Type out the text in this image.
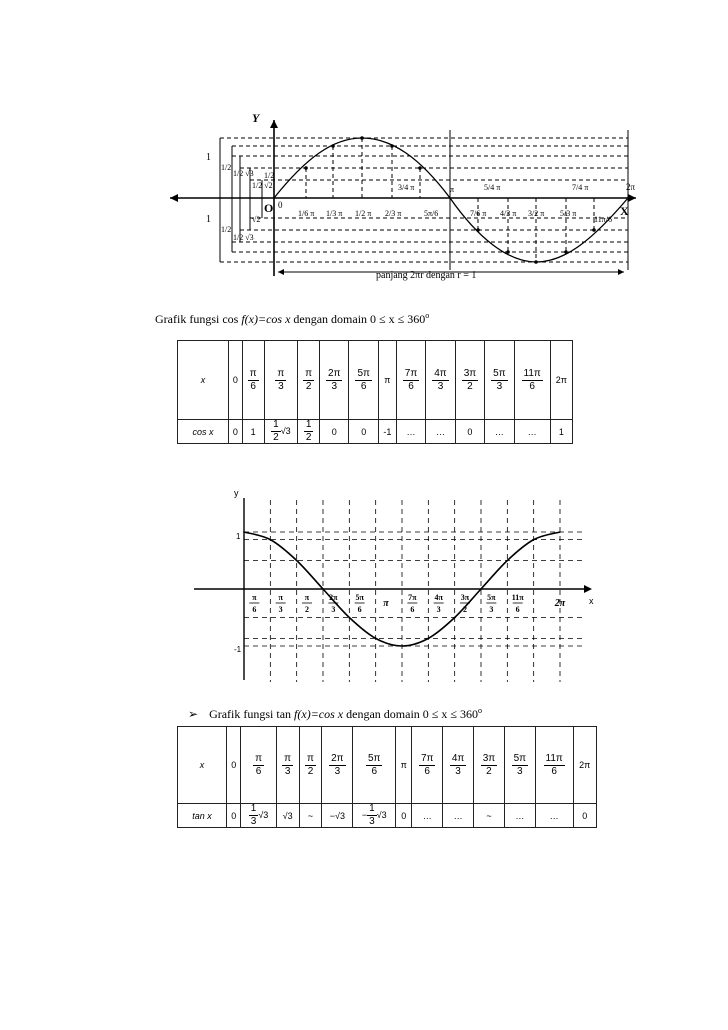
Y
X
O 0
1
1/2
1/2 √3
1/2 √2
1/2
1
1/2
1/2 √3
√2
1/6 π 1/3 π 1/2 π 2/3 π
3/4 π
5π/6
π	5/4 π	7/4 π	2π
7/6 π 4/3 π 3/2 π 5/3 π
11π/6
panjang 2πr dengan r = 1
Grafik fungsi cos f(x)=cos x dengan domain $0 \le x \le 360^o$
x	0	$\frac{\pi}{6}$	$\frac{\pi}{3}$	$\frac{\pi}{2}$	$\frac{2\pi}{3}$	$\frac{5\pi}{6}$	π	$\frac{7\pi}{6}$	$\frac{4\pi}{3}$	$\frac{3\pi}{2}$	$\frac{5\pi}{3}$	$\frac{11\pi}{6}$	2π
cos x	0	1	$\frac{1}{2} √3$	$\frac{1}{2}$	0	0	-1	…	…	0	…	…	1
π
6
π
3
π
2
2π
3
5π
6
π
7π
6
4π
3
3π
2
5π
3
11π
6
2π
y
x
1
-1
➢ Grafik fungsi tan f(x)=cos x dengan domain $0 \le x \le 360^o$
x	0	$\frac{\pi}{6}$	$\frac{\pi}{3}$	$\frac{\pi}{2}$	$\frac{2\pi}{3}$	$\frac{5\pi}{6}$	π	$\frac{7\pi}{6}$	$\frac{4\pi}{3}$	$\frac{3\pi}{2}$	$\frac{5\pi}{3}$	$\frac{11\pi}{6}$	2π
tan x	0	$\frac{1}{3} √3$	√3	~	−√3	− $\frac{1}{3} √3$	0	…	…	~	…	…	0
